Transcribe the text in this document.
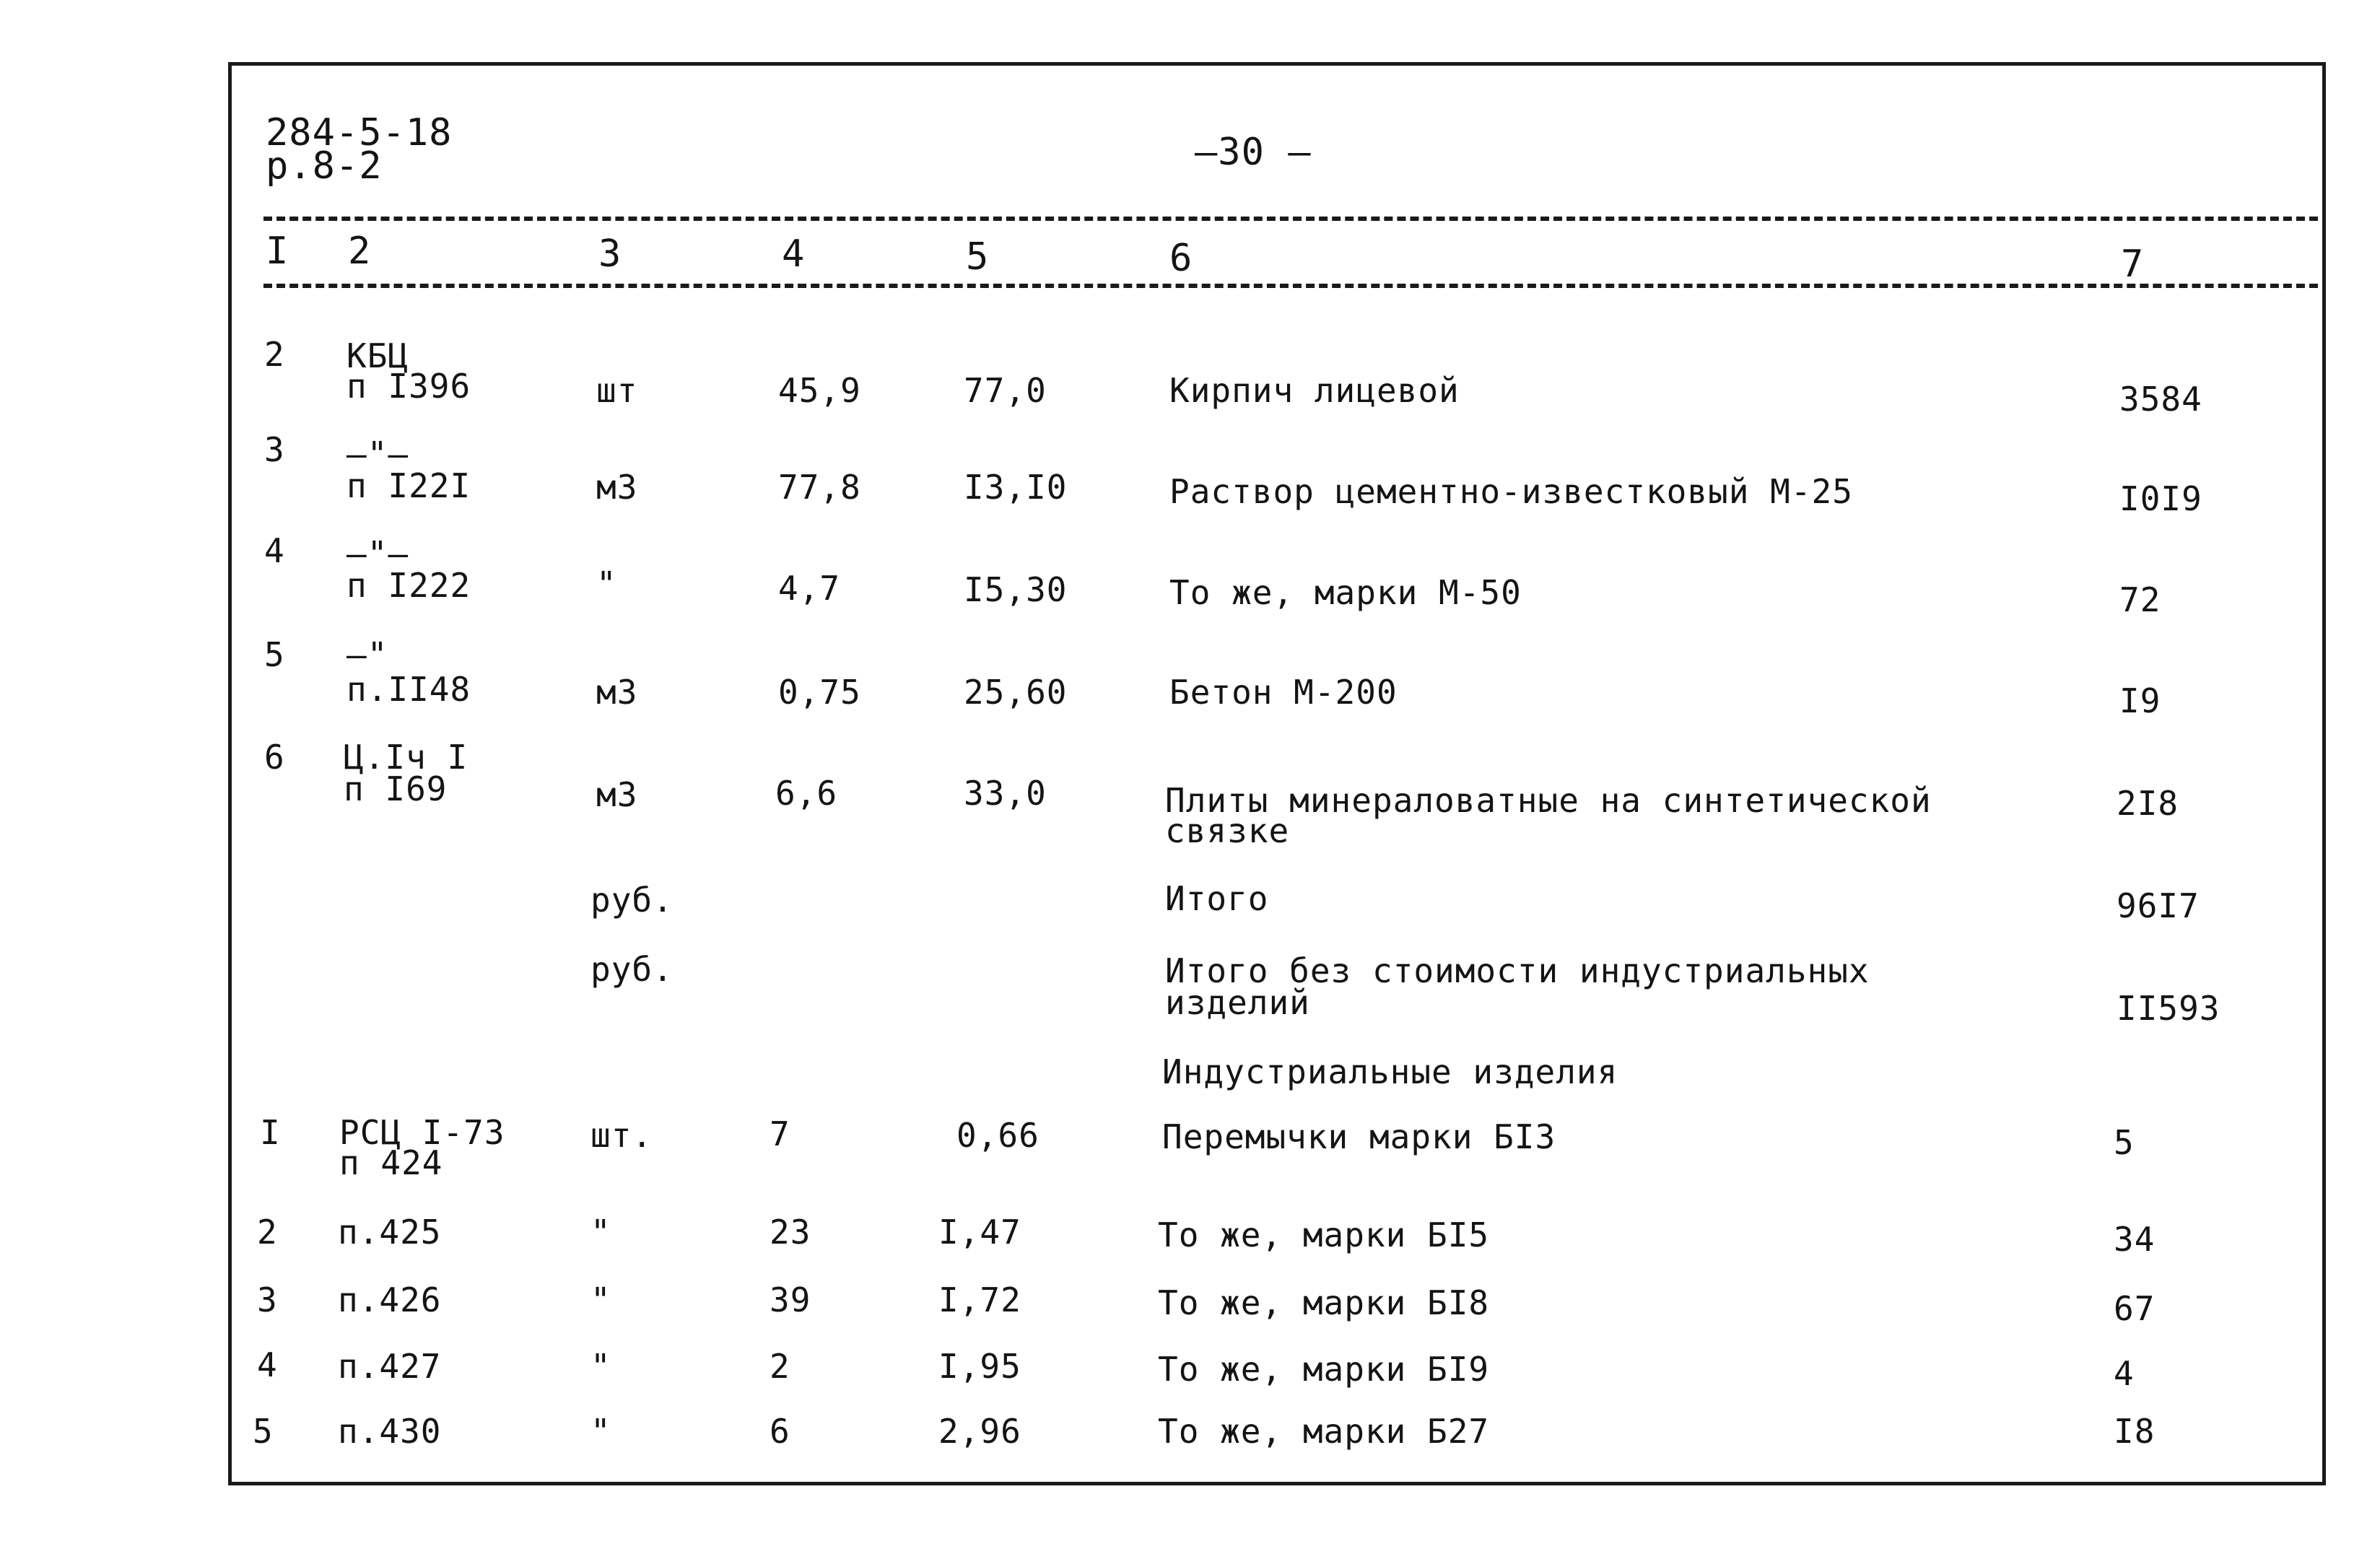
284-5-18
р.8-2	—30 —
I 2	3	4	5	6	7
2 КБЦ
п I396	шт	45,9	77,0	Кирпич лицевой	3584
3 –"–
п I22I	м3	77,8	I3,I0	Раствор цементно-известковый М-25	I0I9
4 –"–
п I222	"	4,7	I5,30	То же, марки М-50	72
5 –"
п.II48	м3	0,75	25,60	Бетон М-200	I9
6 Ц.Iч I
п I69	м3	6,6	33,0	Плиты минераловатные на синтетической
связке
2I8
руб.	Итого	96I7
руб.	Итого без стоимости индустриальных
изделий	II593
Индустриальные изделия
I РСЦ I-73
п 424
шт.	7	0,66	Перемычки марки БI3	5
2 п.425	"	23	I,47	То же, марки БI5	34
3 п.426	"	39	I,72	То же, марки БI8	67
4 п.427	"	2	I,95	То же, марки БI9	4
5 п.430	"	6	2,96	То же, марки Б27	I8
